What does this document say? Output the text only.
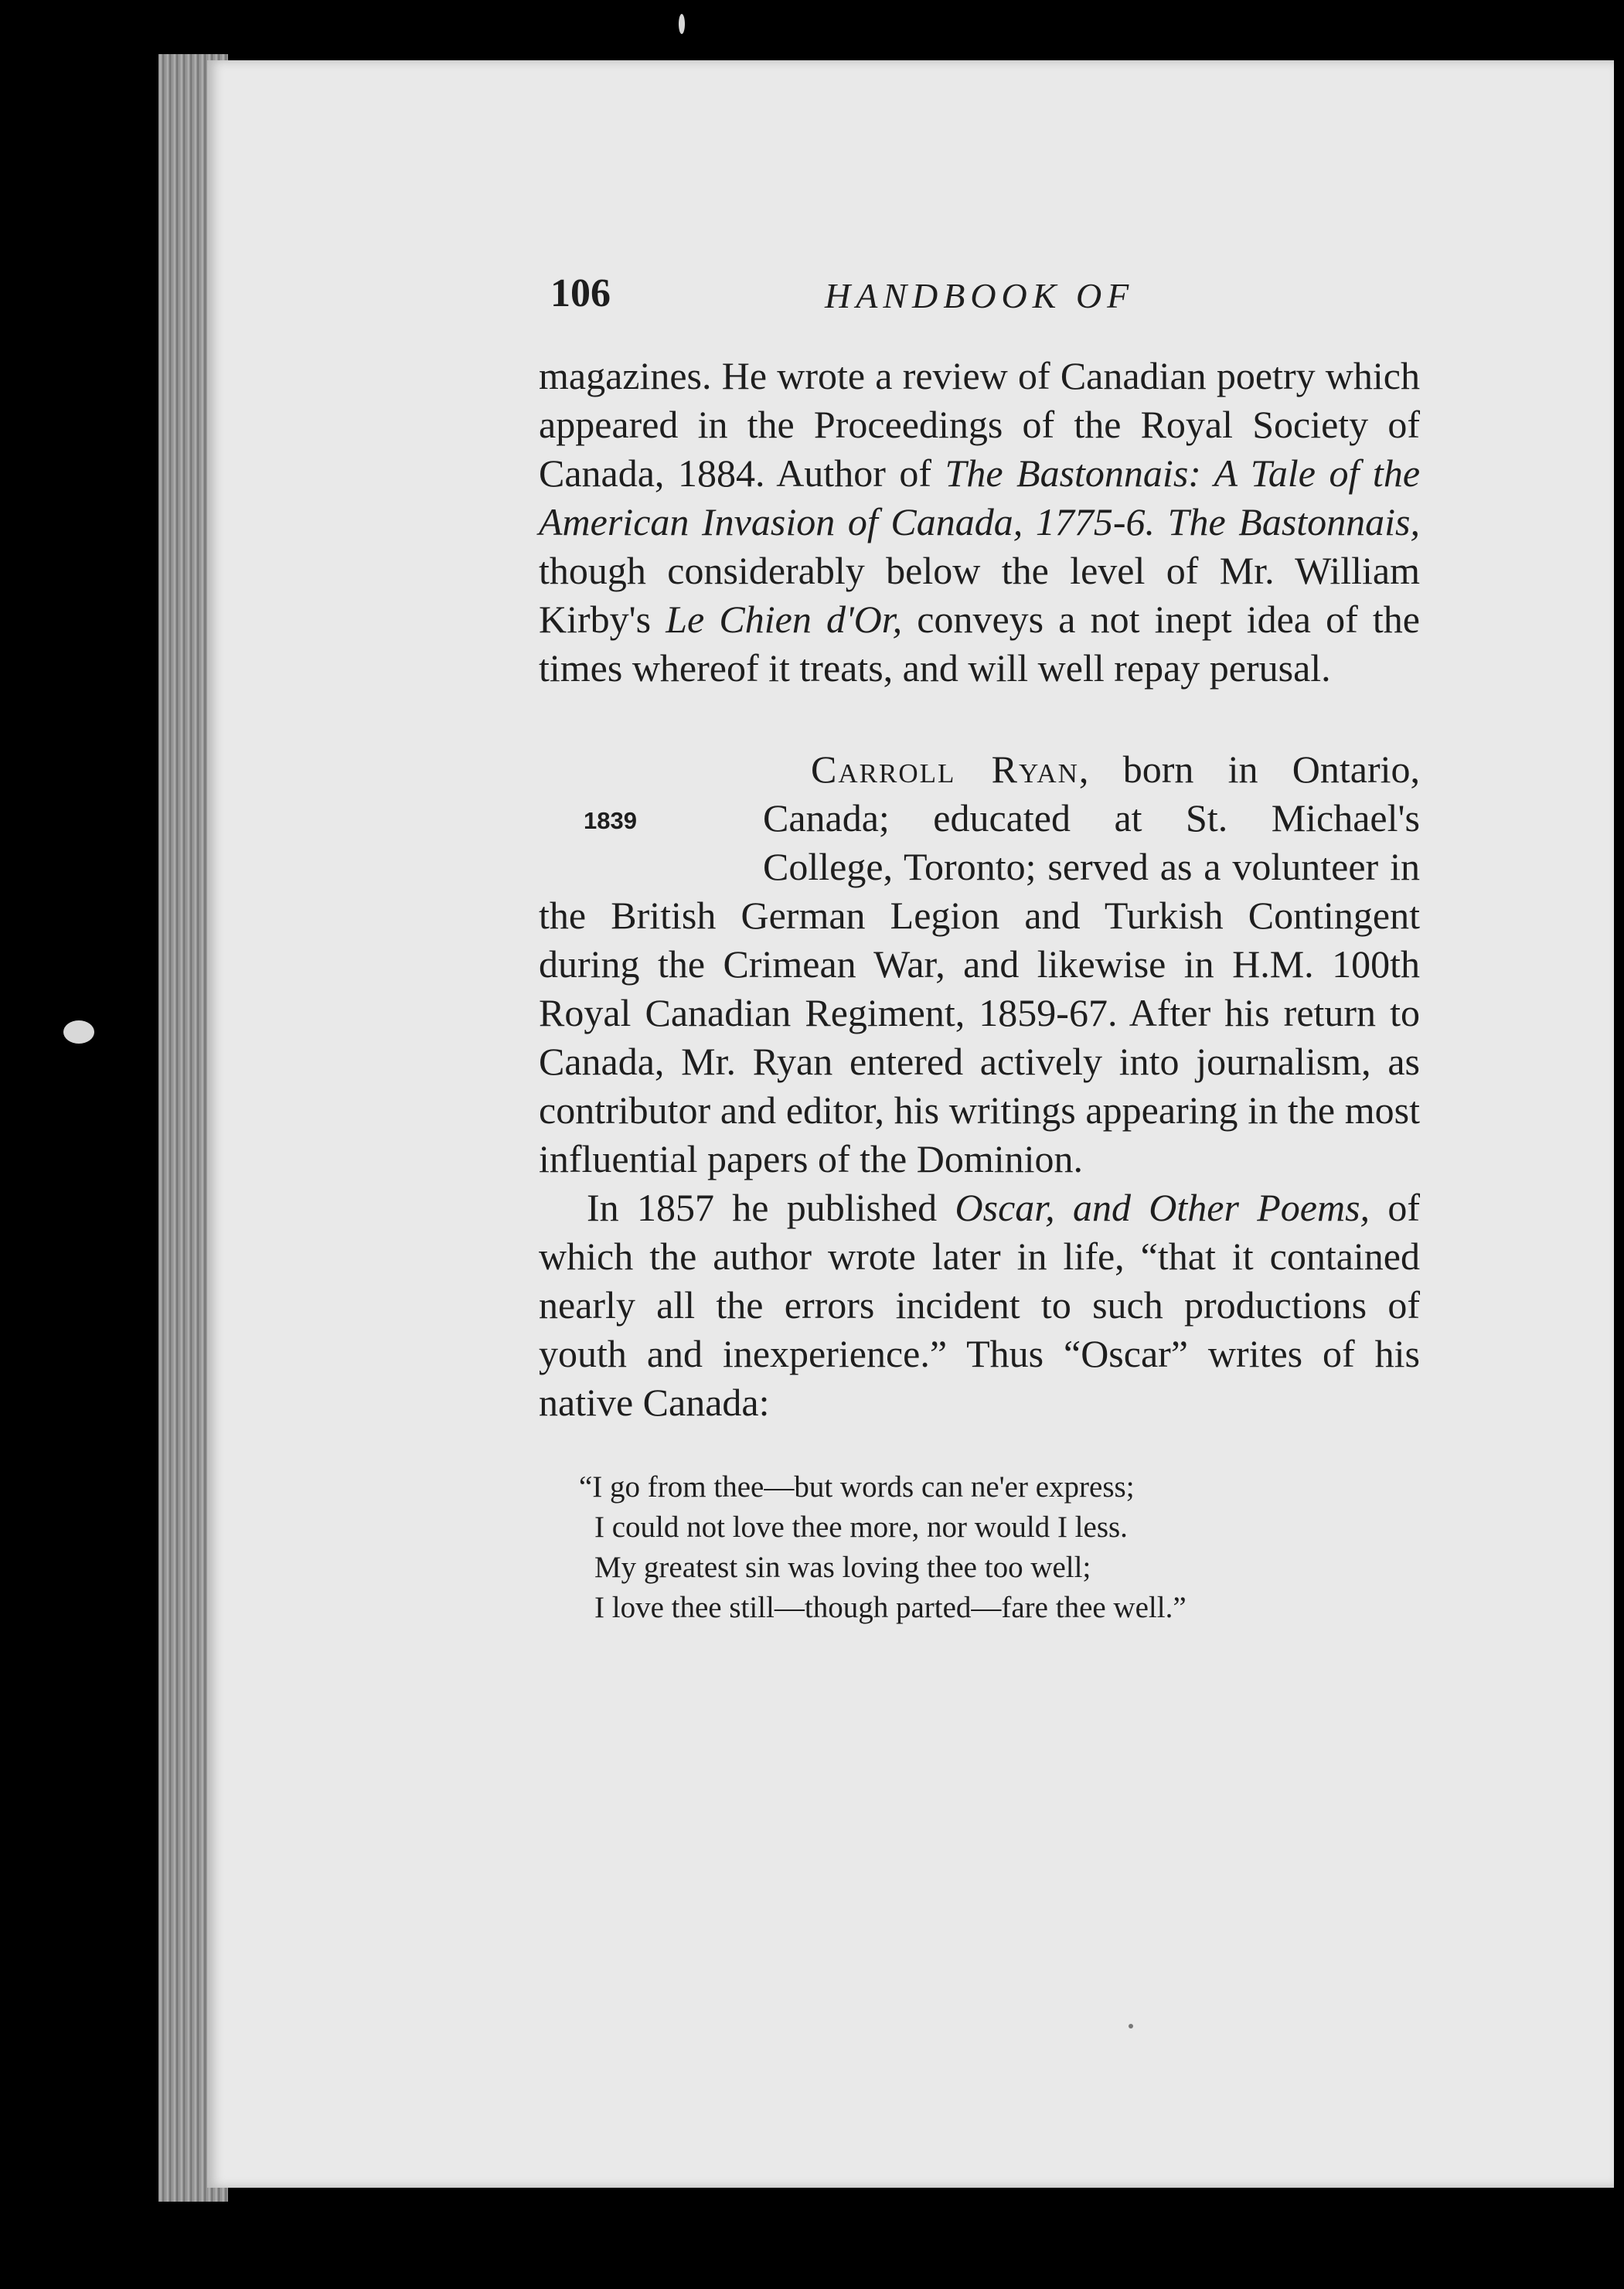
106	HANDBOOK OF

magazines. He wrote a review of Canadian poetry which appeared in the Proceedings of the Royal Society of Canada, 1884. Author of The Bastonnais: A Tale of the American Invasion of Canada, 1775-6. The Bastonnais, though considerably below the level of Mr. William Kirby's Le Chien d'Or, conveys a not inept idea of the times whereof it treats, and will well repay perusal.

Carroll Ryan
1839
, born in Ontario, Canada; educated at St. Michael's College, Toronto; served as a volunteer in the British German Legion and Turkish Contingent during the Crimean War, and likewise in H.M. 100th Royal Canadian Regiment, 1859-67. After his return to Canada, Mr. Ryan entered actively into journalism, as contributor and editor, his writings appearing in the most influential papers of the Dominion.

In 1857 he published Oscar, and Other Poems, of which the author wrote later in life, “that it contained nearly all the errors incident to such productions of youth and inexperience.” Thus “Oscar” writes of his native Canada:

“I go from thee—but words can ne'er express;
I could not love thee more, nor would I less.
My greatest sin was loving thee too well;
I love thee still—though parted—fare thee well.”
